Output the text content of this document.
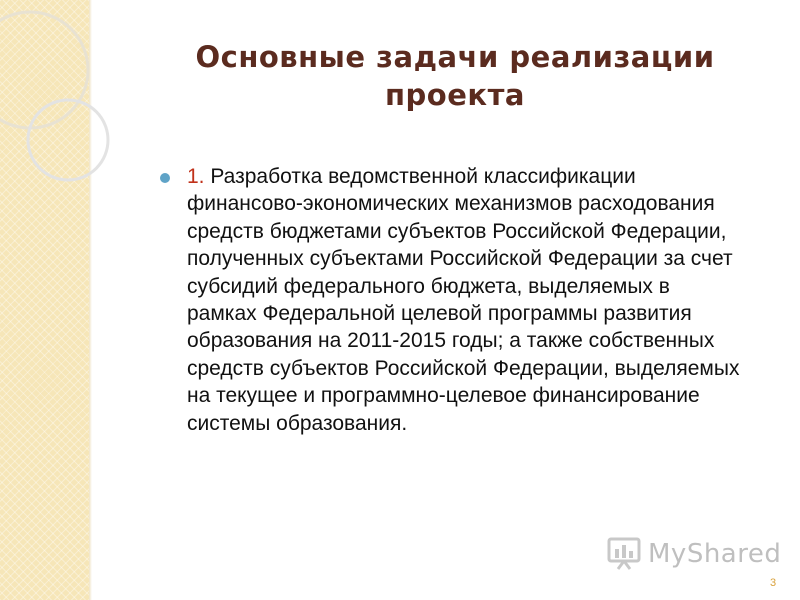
Основные задачи реализации
проекта
1. Разработка ведомственной классификации финансово-экономических механизмов расходования средств бюджетами субъектов Российской Федерации, полученных субъектами Российской Федерации за счет субсидий федерального бюджета, выделяемых в рамках Федеральной целевой программы развития образования на 2011-2015 годы; а также собственных средств субъектов Российской Федерации, выделяемых на текущее и программно-целевое финансирование системы образования.
MyShared
3
